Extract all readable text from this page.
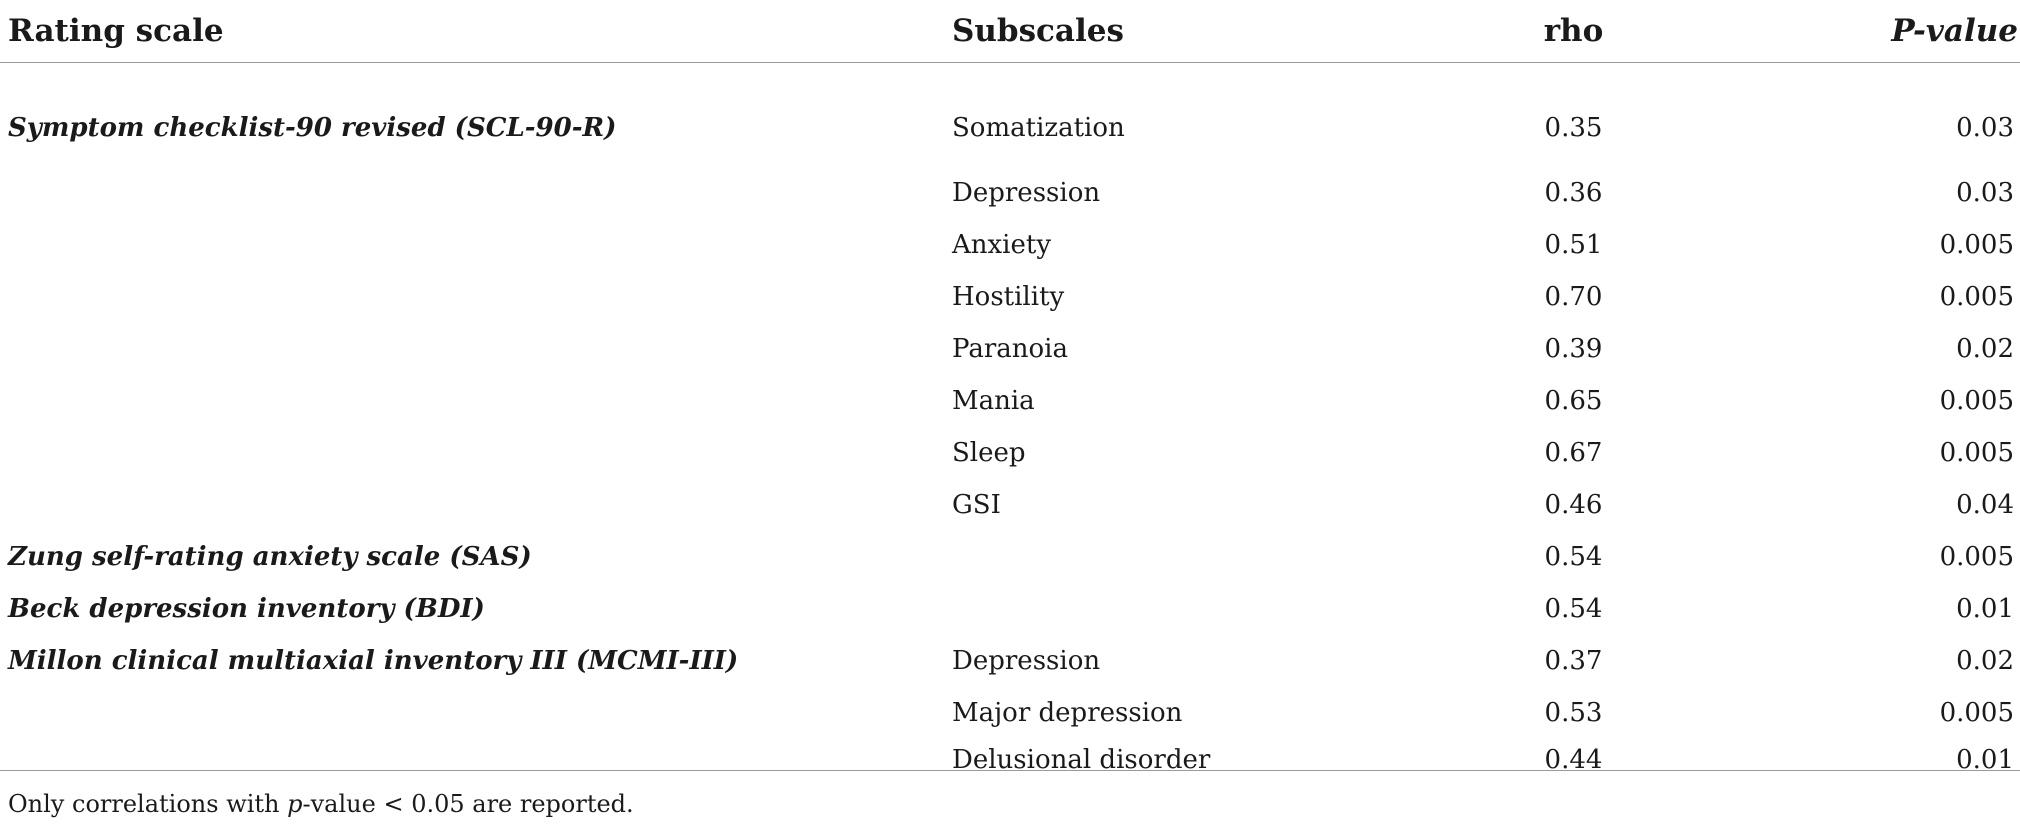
Rating scale	Subscales	rho	P-value
Symptom checklist-90 revised (SCL-90-R)	Somatization	0.35	0.03
	Depression	0.36	0.03
	Anxiety	0.51	0.005
	Hostility	0.70	0.005
	Paranoia	0.39	0.02
	Mania	0.65	0.005
	Sleep	0.67	0.005
	GSI	0.46	0.04
Zung self-rating anxiety scale (SAS)		0.54	0.005
Beck depression inventory (BDI)		0.54	0.01
Millon clinical multiaxial inventory III (MCMI-III)	Depression	0.37	0.02
	Major depression	0.53	0.005
	Delusional disorder	0.44	0.01
Only correlations with p-value < 0.05 are reported.
